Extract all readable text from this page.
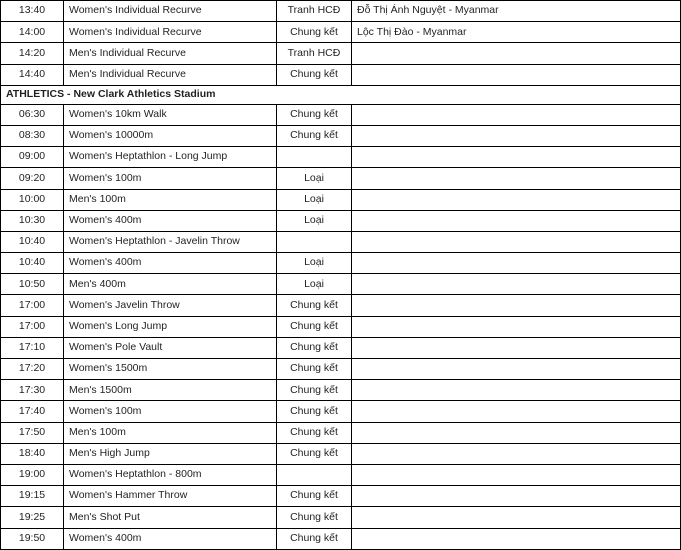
13:40	Women's Individual Recurve	Tranh HCĐ	Đỗ Thị Ánh Nguyệt - Myanmar
14:00	Women's Individual Recurve	Chung kết	Lộc Thị Đào - Myanmar
14:20	Men's Individual Recurve	Tranh HCĐ	
14:40	Men's Individual Recurve	Chung kết	
ATHLETICS - New Clark Athletics Stadium			
06:30	Women's 10km Walk	Chung kết	
08:30	Women's 10000m	Chung kết	
09:00	Women's Heptathlon - Long Jump		
09:20	Women's 100m	Loại	
10:00	Men's 100m	Loại	
10:30	Women's 400m	Loại	
10:40	Women's Heptathlon - Javelin Throw		
10:40	Women's 400m	Loại	
10:50	Men's 400m	Loại	
17:00	Women's Javelin Throw	Chung kết	
17:00	Women's Long Jump	Chung kết	
17:10	Women's Pole Vault	Chung kết	
17:20	Women's 1500m	Chung kết	
17:30	Men's 1500m	Chung kết	
17:40	Women's 100m	Chung kết	
17:50	Men's 100m	Chung kết	
18:40	Men's High Jump	Chung kết	
19:00	Women's Heptathlon - 800m		
19:15	Women's Hammer Throw	Chung kết	
19:25	Men's Shot Put	Chung kết	
19:50	Women's 400m	Chung kết	
